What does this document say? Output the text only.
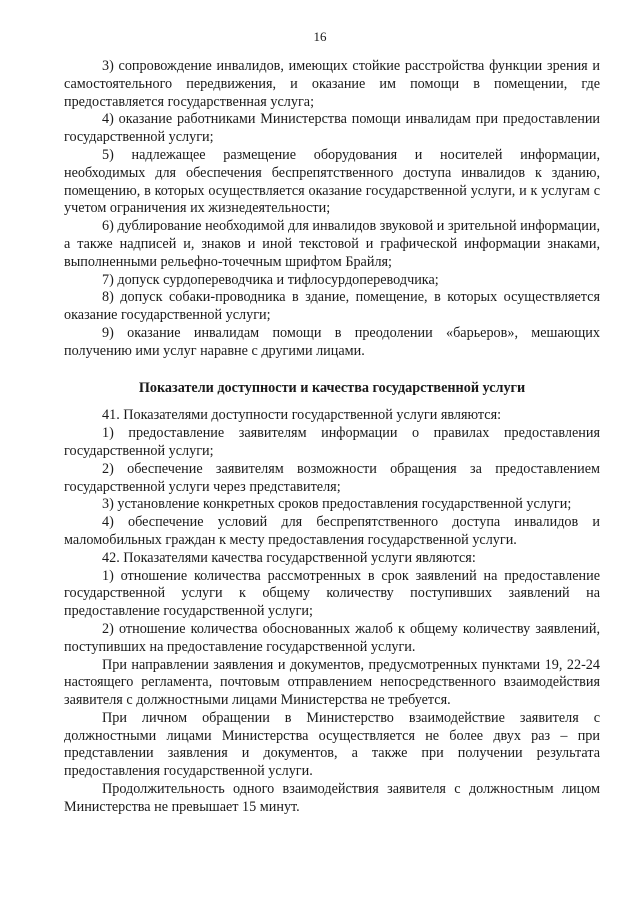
16

3) сопровождение инвалидов, имеющих стойкие расстройства функции зрения и самостоятельного передвижения, и оказание им помощи в помещении, где предоставляется государственная услуга;

4) оказание работниками Министерства помощи инвалидам при предоставлении государственной услуги;

5) надлежащее размещение оборудования и носителей информации, необходимых для обеспечения беспрепятственного доступа инвалидов к зданию, помещению, в которых осуществляется оказание государственной услуги, и к услугам с учетом ограничения их жизнедеятельности;

6) дублирование необходимой для инвалидов звуковой и зрительной информации, а также надписей и, знаков и иной текстовой и графической информации знаками, выполненными рельефно-точечным шрифтом Брайля;

7) допуск сурдопереводчика и тифлосурдопереводчика;

8) допуск собаки-проводника в здание, помещение, в которых осуществляется оказание государственной услуги;

9) оказание инвалидам помощи в преодолении «барьеров», мешающих получению ими услуг наравне с другими лицами.

Показатели доступности и качества государственной услуги

41. Показателями доступности государственной услуги являются:

1) предоставление заявителям информации о правилах предоставления государственной услуги;

2) обеспечение заявителям возможности обращения за предоставлением государственной услуги через представителя;

3) установление конкретных сроков предоставления государственной услуги;

4) обеспечение условий для беспрепятственного доступа инвалидов и маломобильных граждан к месту предоставления государственной услуги.

42. Показателями качества государственной услуги являются:

1) отношение количества рассмотренных в срок заявлений на предоставление государственной услуги к общему количеству поступивших заявлений на предоставление государственной услуги;

2) отношение количества обоснованных жалоб к общему количеству заявлений, поступивших на предоставление государственной услуги.

При направлении заявления и документов, предусмотренных пунктами 19, 22-24 настоящего регламента, почтовым отправлением непосредственного взаимодействия заявителя с должностными лицами Министерства не требуется.

При личном обращении в Министерство взаимодействие заявителя с должностными лицами Министерства осуществляется не более двух раз – при представлении заявления и документов, а также при получении результата предоставления государственной услуги.

Продолжительность одного взаимодействия заявителя с должностным лицом Министерства не превышает 15 минут.
